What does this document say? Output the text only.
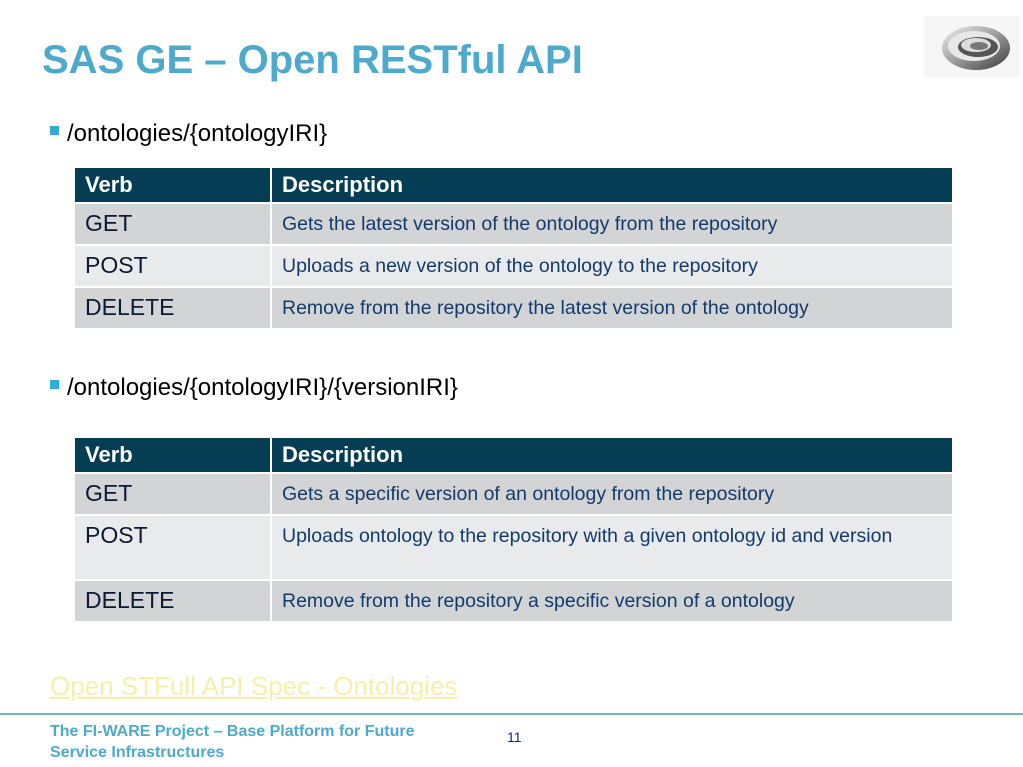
SAS GE – Open RESTful API
/ontologies/{ontologyIRI}
Verb	Description
GET	Gets the latest version of the ontology from the repository
POST	Uploads a new version of the ontology to the repository
DELETE	Remove from the repository the latest version of the ontology
/ontologies/{ontologyIRI}/{versionIRI}
Verb	Description
GET	Gets a specific version of an ontology from the repository
POST	Uploads ontology to the repository with a given ontology id and version
DELETE	Remove from the repository a specific version of a ontology
Open STFull API Spec - Ontologies
The FI-WARE Project – Base Platform for Future Service Infrastructures
11
